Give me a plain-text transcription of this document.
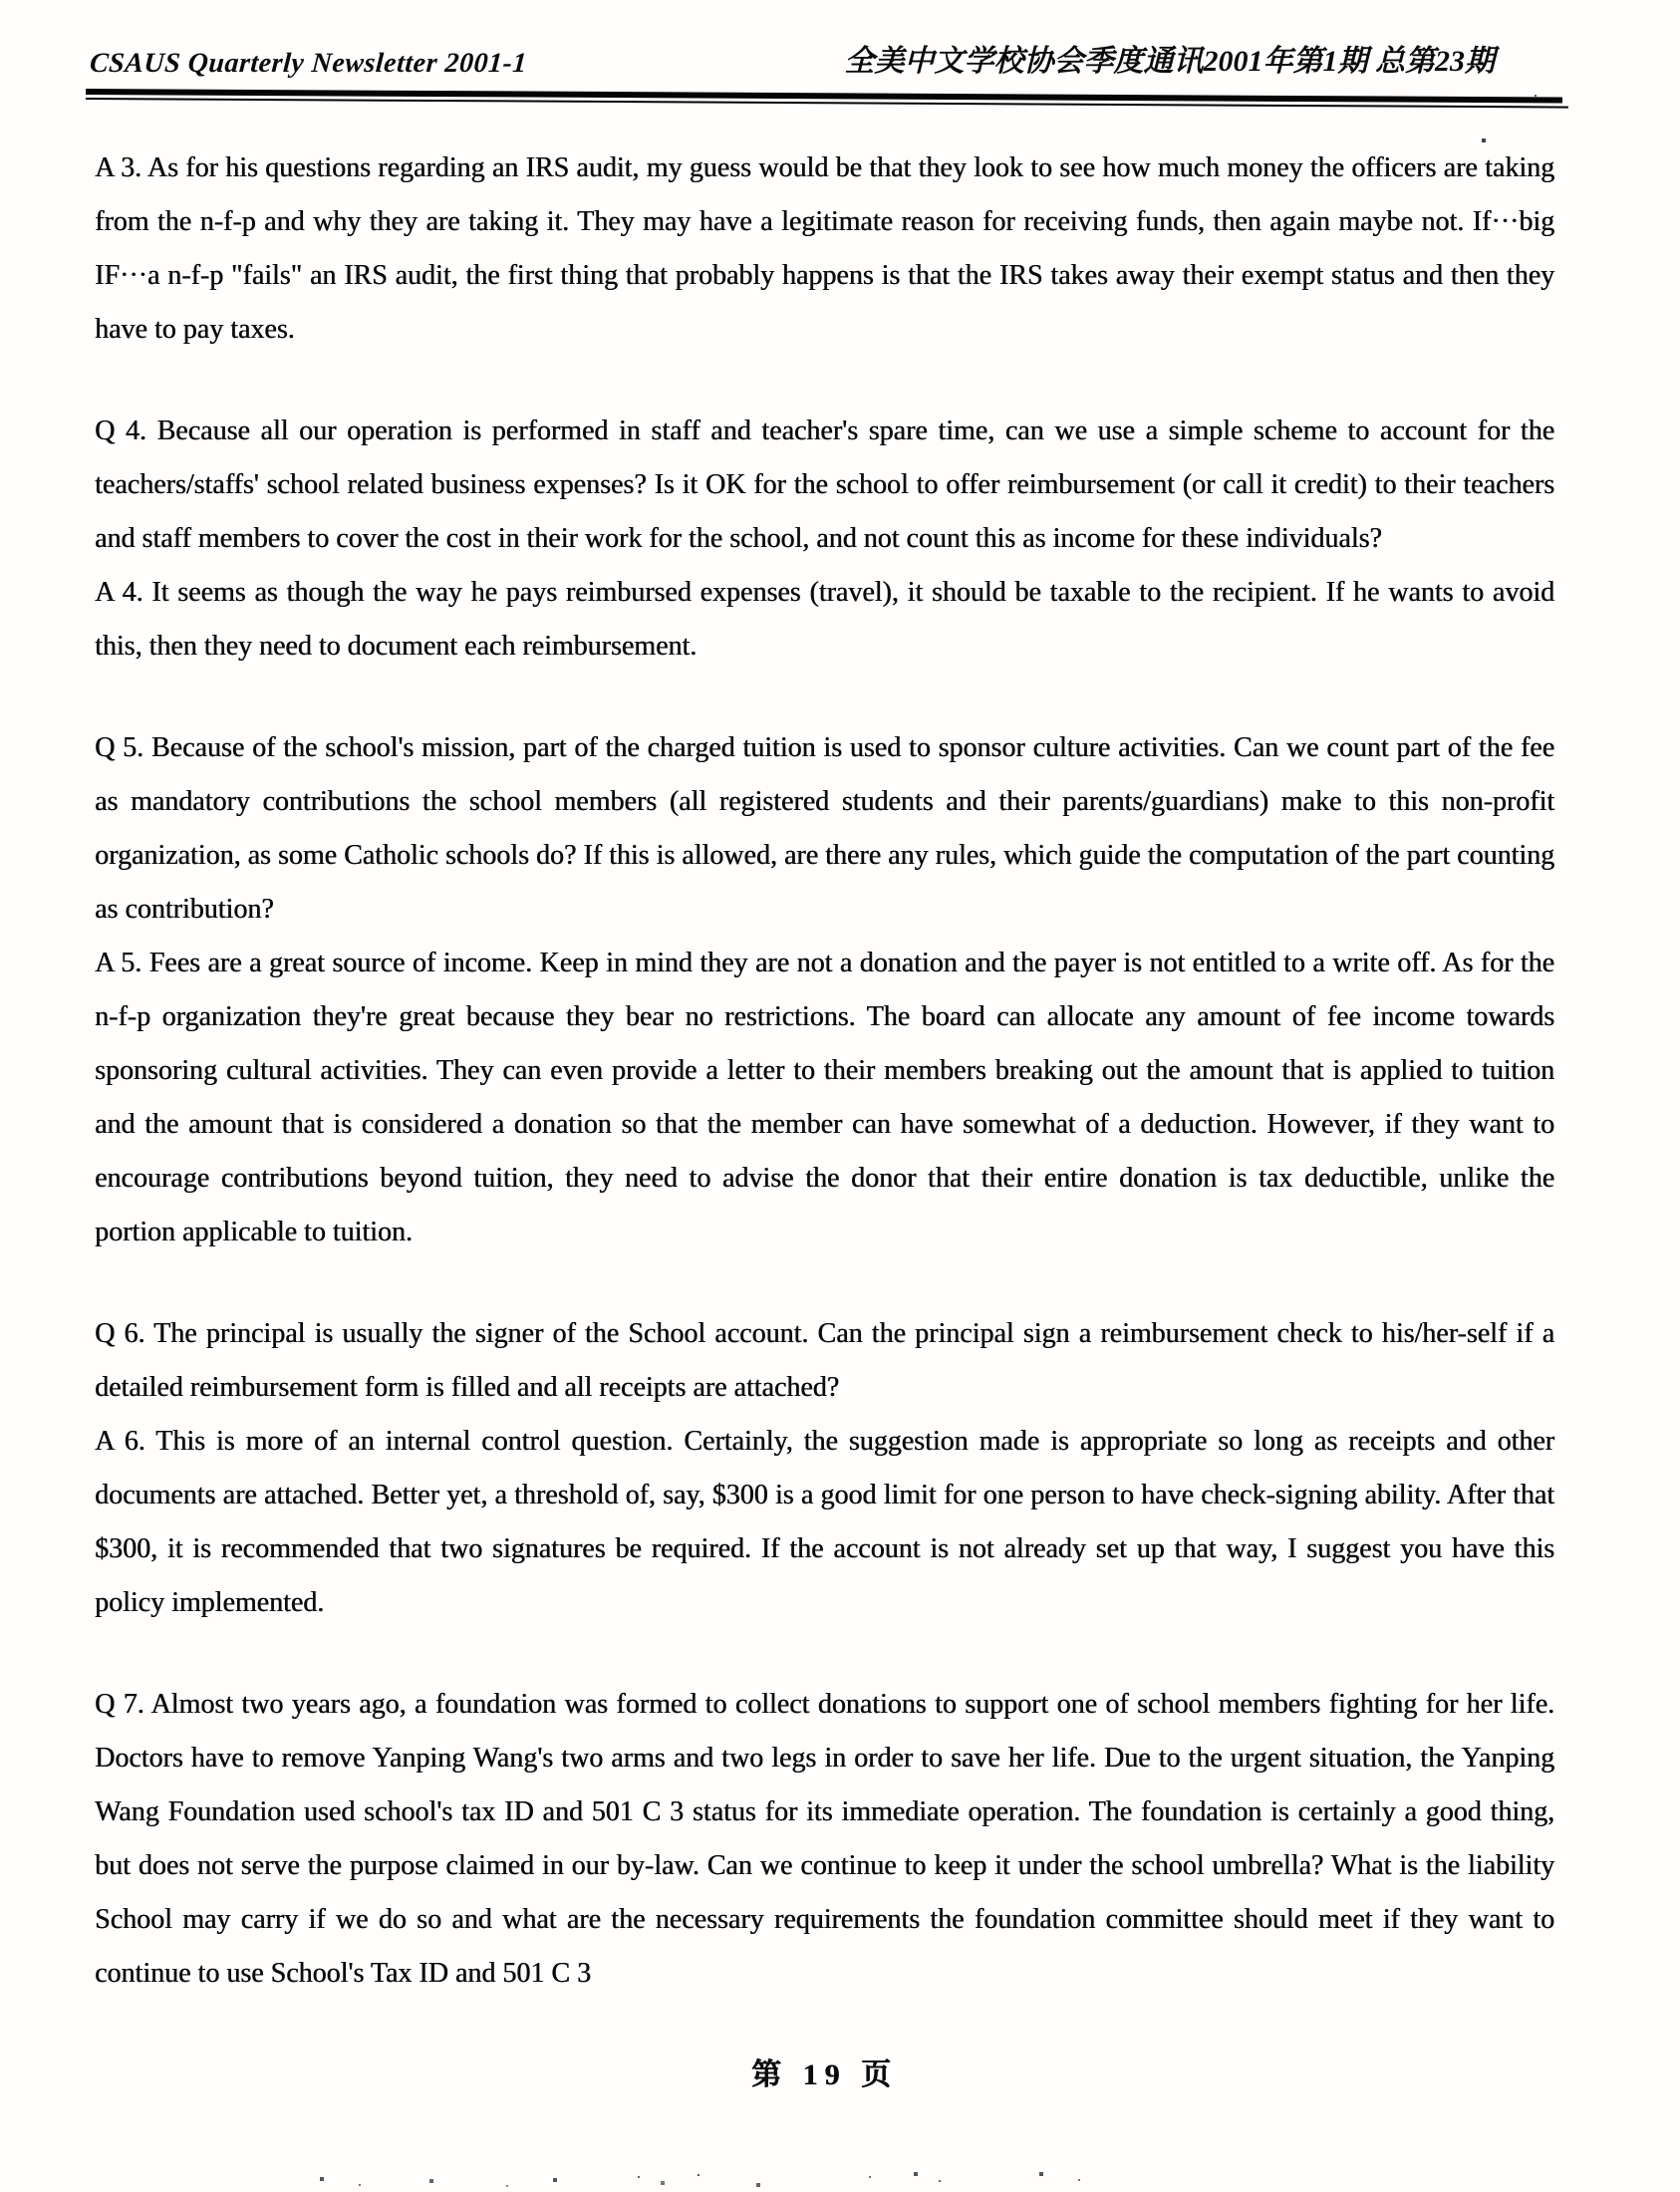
CSAUS Quarterly Newsletter 2001-1	全美中文学校协会季度通讯2001年第1期 总第23期

A 3. As for his questions regarding an IRS audit, my guess would be that they look to see how much money the officers are taking from the n-f-p and why they are taking it. They may have a legitimate reason for receiving funds, then again maybe not. If···big IF···a n-f-p "fails" an IRS audit, the first thing that probably happens is that the IRS takes away their exempt status and then they have to pay taxes.

Q 4. Because all our operation is performed in staff and teacher's spare time, can we use a simple scheme to account for the teachers/staffs' school related business expenses? Is it OK for the school to offer reimbursement (or call it credit) to their teachers and staff members to cover the cost in their work for the school, and not count this as income for these individuals?

A 4. It seems as though the way he pays reimbursed expenses (travel), it should be taxable to the recipient. If he wants to avoid this, then they need to document each reimbursement.

Q 5. Because of the school's mission, part of the charged tuition is used to sponsor culture activities. Can we count part of the fee as mandatory contributions the school members (all registered students and their parents/guardians) make to this non-profit organization, as some Catholic schools do? If this is allowed, are there any rules, which guide the computation of the part counting as contribution?

A 5. Fees are a great source of income. Keep in mind they are not a donation and the payer is not entitled to a write off. As for the n-f-p organization they're great because they bear no restrictions. The board can allocate any amount of fee income towards sponsoring cultural activities. They can even provide a letter to their members breaking out the amount that is applied to tuition and the amount that is considered a donation so that the member can have somewhat of a deduction. However, if they want to encourage contributions beyond tuition, they need to advise the donor that their entire donation is tax deductible, unlike the portion applicable to tuition.

Q 6. The principal is usually the signer of the School account. Can the principal sign a reimbursement check to his/her-self if a detailed reimbursement form is filled and all receipts are attached?

A 6. This is more of an internal control question. Certainly, the suggestion made is appropriate so long as receipts and other documents are attached. Better yet, a threshold of, say, $300 is a good limit for one person to have check-signing ability. After that $300, it is recommended that two signatures be required. If the account is not already set up that way, I suggest you have this policy implemented.

Q 7. Almost two years ago, a foundation was formed to collect donations to support one of school members fighting for her life. Doctors have to remove Yanping Wang's two arms and two legs in order to save her life. Due to the urgent situation, the Yanping Wang Foundation used school's tax ID and 501 C 3 status for its immediate operation. The foundation is certainly a good thing, but does not serve the purpose claimed in our by-law. Can we continue to keep it under the school umbrella? What is the liability School may carry if we do so and what are the necessary requirements the foundation committee should meet if they want to continue to use School's Tax ID and 501 C 3

第 19 页
